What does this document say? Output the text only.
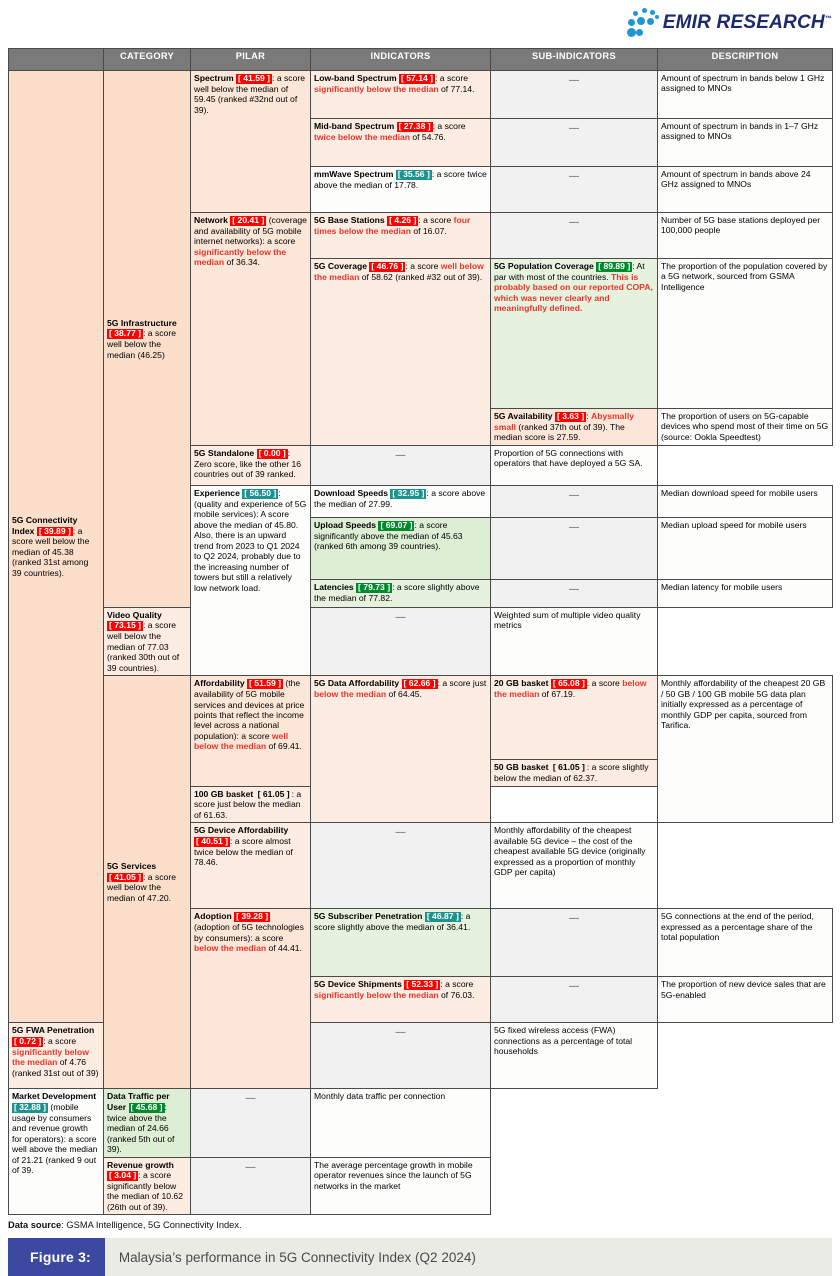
EMIR RESEARCH™
	CATEGORY	PILAR	INDICATORS	SUB-INDICATORS	DESCRIPTION
5G Connectivity Index [ 39.89 ] : a score well below the median of 45.38 (ranked 31st among 39 countries).	5G Infrastructure [ 38.77 ] : a score well below the median (46.25)	Spectrum [ 41.59 ] : a score well below the median of 59.45 (ranked #32nd out of 39).	Low-band Spectrum [ 57.14 ] : a score significantly below the median of 77.14.	—	Amount of spectrum in bands below 1 GHz assigned to MNOs
			Mid-band Spectrum [ 27.38 ] : a score twice below the median of 54.76.	—	Amount of spectrum in bands in 1–7 GHz assigned to MNOs
			mmWave Spectrum [ 35.56 ] : a score twice above the median of 17.78.	—	Amount of spectrum in bands above 24 GHz assigned to MNOs
		Network [ 20.41 ] (coverage and availability of 5G mobile internet networks): a score significantly below the median of 36.34.	5G Base Stations [ 4.26 ] : a score four times below the median of 16.07.	—	Number of 5G base stations deployed per 100,000 people
			5G Coverage [ 46.76 ] : a score well below the median of 58.62 (ranked #32 out of 39).	5G Population Coverage [ 89.89 ] : At par with most of the countries. This is probably based on our reported COPA, which was never clearly and meaningfully defined.	The proportion of the population covered by a 5G network, sourced from GSMA Intelligence
				5G Availability [ 3.63 ] : Abysmally small (ranked 37th out of 39). The median score is 27.59.	The proportion of users on 5G-capable devices who spend most of their time on 5G (source: Ookla Speedtest)
		5G Standalone [ 0.00 ] : Zero score, like the other 16 countries out of 39 ranked.	—	Proportion of 5G connections with operators that have deployed a 5G SA.	
		Experience [ 56.50 ] : (quality and experience of 5G mobile services): A score above the median of 45.80. Also, there is an upward trend from 2023 to Q1 2024 to Q2 2024, probably due to the increasing number of towers but still a relatively low network load.	Download Speeds [ 32.95 ] : a score above the median of 27.99.	—	Median download speed for mobile users
			Upload Speeds [ 69.07 ] : a score significantly above the median of 45.63 (ranked 6th among 39 countries).	—	Median upload speed for mobile users
			Latencies [ 79.73 ] : a score slightly above the median of 77.82.	—	Median latency for mobile users
	Video Quality [ 73.15 ] : a score well below the median of 77.03 (ranked 30th out of 39 countries).		—	Weighted sum of multiple video quality metrics	
	5G Services [ 41.05 ] : a score well below the median of 47.20.	Affordability [ 51.59 ] (the availability of 5G mobile services and devices at price points that reflect the income level across a national population): a score well below the median of 69.41.	5G Data Affordability [ 62.66 ] : a score just below the median of 64.45.	20 GB basket [ 65.08 ] : a score below the median of 67.19.	Monthly affordability of the cheapest 20 GB / 50 GB / 100 GB mobile 5G data plan initially expressed as a percentage of monthly GDP per capita, sourced from Tarifica.
				50 GB basket [ 61.05 ] : a score slightly below the median of 62.37.	
		100 GB basket [ 61.05 ] : a score just below the median of 61.63.			
		5G Device Affordability [ 40.51 ] : a score almost twice below the median of 78.46.	—	Monthly affordability of the cheapest available 5G device – the cost of the cheapest available 5G device (originally expressed as a proportion of monthly GDP per capita)	
		Adoption [ 39.28 ] (adoption of 5G technologies by consumers): a score below the median of 44.41.	5G Subscriber Penetration [ 46.87 ] : a score slightly above the median of 36.41.	—	5G connections at the end of the period, expressed as a percentage share of the total population
			5G Device Shipments [ 52.33 ] : a score significantly below the median of 76.03.	—	The proportion of new device sales that are 5G-enabled
5G FWA Penetration [ 0.72 ] : a score significantly below the median of 4.76 (ranked 31st out of 39)			—	5G fixed wireless access (FWA) connections as a percentage of total households	
Market Development [ 32.88 ] (mobile usage by consumers and revenue growth for operators): a score well above the median of 21.21 (ranked 9 out of 39.	Data Traffic per User [ 45.68 ] : twice above the median of 24.66 (ranked 5th out of 39).	—	Monthly data traffic per connection		
	Revenue growth [ 3.04 ] : a score significantly below the median of 10.62 (26th out of 39).	—	The average percentage growth in mobile operator revenues since the launch of 5G networks in the market		
Data source: GSMA Intelligence, 5G Connectivity Index.
Figure 3:	Malaysia’s performance in 5G Connectivity Index (Q2 2024)
